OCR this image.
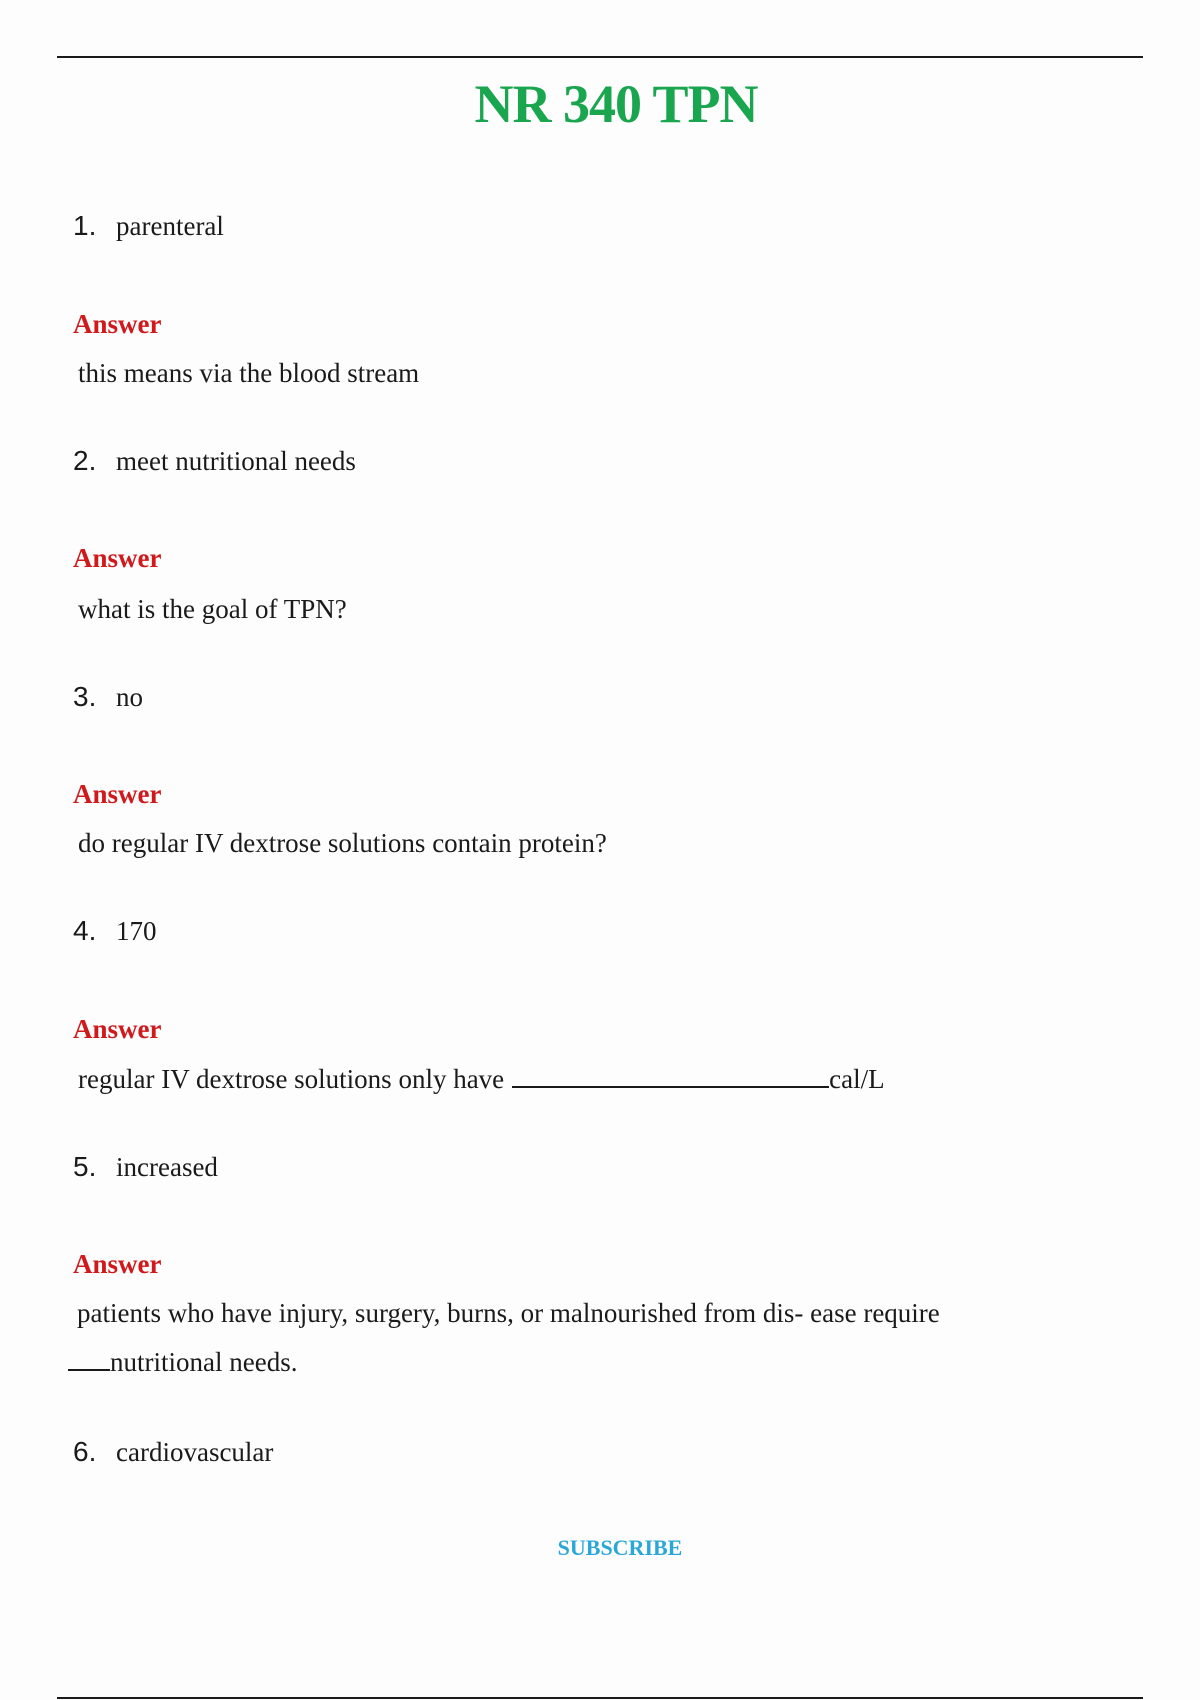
NR 340 TPN
1. parenteral
Answer
this means via the blood stream
2. meet nutritional needs
Answer
what is the goal of TPN?
3. no
Answer
do regular IV dextrose solutions contain protein?
4. 170
Answer
regular IV dextrose solutions only have	cal/L
5. increased
Answer
patients who have injury, surgery, burns, or malnourished from dis- ease require
nutritional needs.
6. cardiovascular
SUBSCRIBE
